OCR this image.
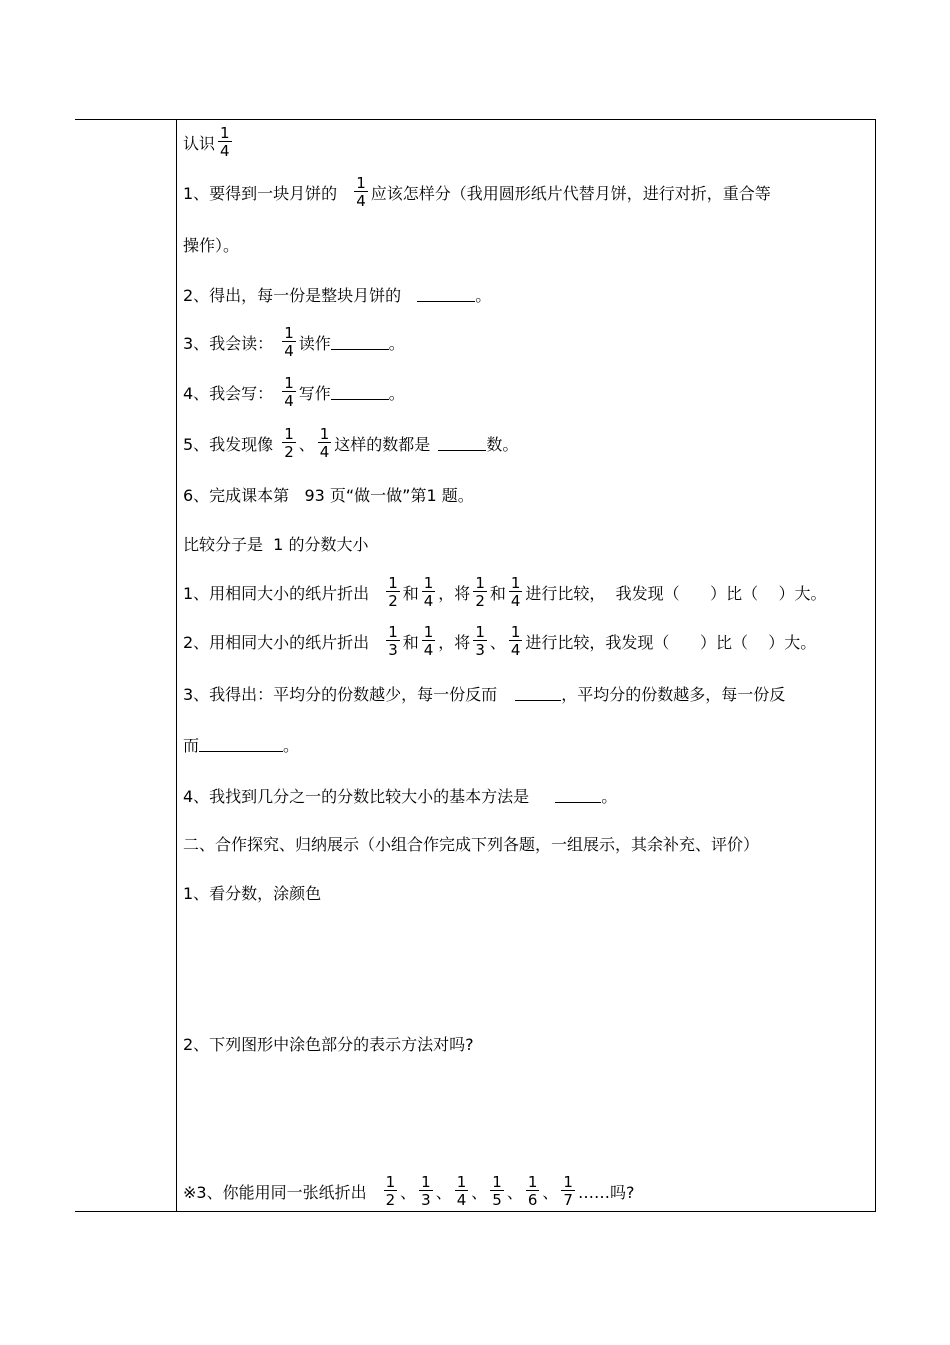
认识 $\frac{1}{4}$
1、要得到一块月饼的 $\frac{1}{4}$ 应该怎样分（我用圆形纸片代替月饼，进行对折，重合等
操作）。
2、得出，每一份是整块月饼的	。
3、我会读： $\frac{1}{4}$ 读作	。
4、我会写： $\frac{1}{4}$ 写作	。
5、我发现像 $\frac{1}{2}$ 、 $\frac{1}{4}$ 这样的数都是	数。
6、完成课本第   93 页“做一做”第1 题。
比较分子是  1 的分数大小
1、用相同大小的纸片折出 $\frac{1}{2}$ 和 $\frac{1}{4}$ ，将 $\frac{1}{2}$ 和 $\frac{1}{4}$ 进行比较，  我发现（      ）比（    ）大。
2、用相同大小的纸片折出 $\frac{1}{3}$ 和 $\frac{1}{4}$ ，将 $\frac{1}{3}$ 、 $\frac{1}{4}$ 进行比较，我发现（      ）比（    ）大。
3、我得出：平均分的份数越少，每一份反而	，平均分的份数越多，每一份反
而	。
4、我找到几分之一的分数比较大小的基本方法是	。
二、合作探究、归纳展示（小组合作完成下列各题，一组展示，其余补充、评价）
1、看分数，涂颜色
2、下列图形中涂色部分的表示方法对吗?
※3、你能用同一张纸折出 $\frac{1}{2}$ 、 $\frac{1}{3}$ 、 $\frac{1}{4}$ 、 $\frac{1}{5}$ 、 $\frac{1}{6}$ 、 $\frac{1}{7}$ ……吗?
